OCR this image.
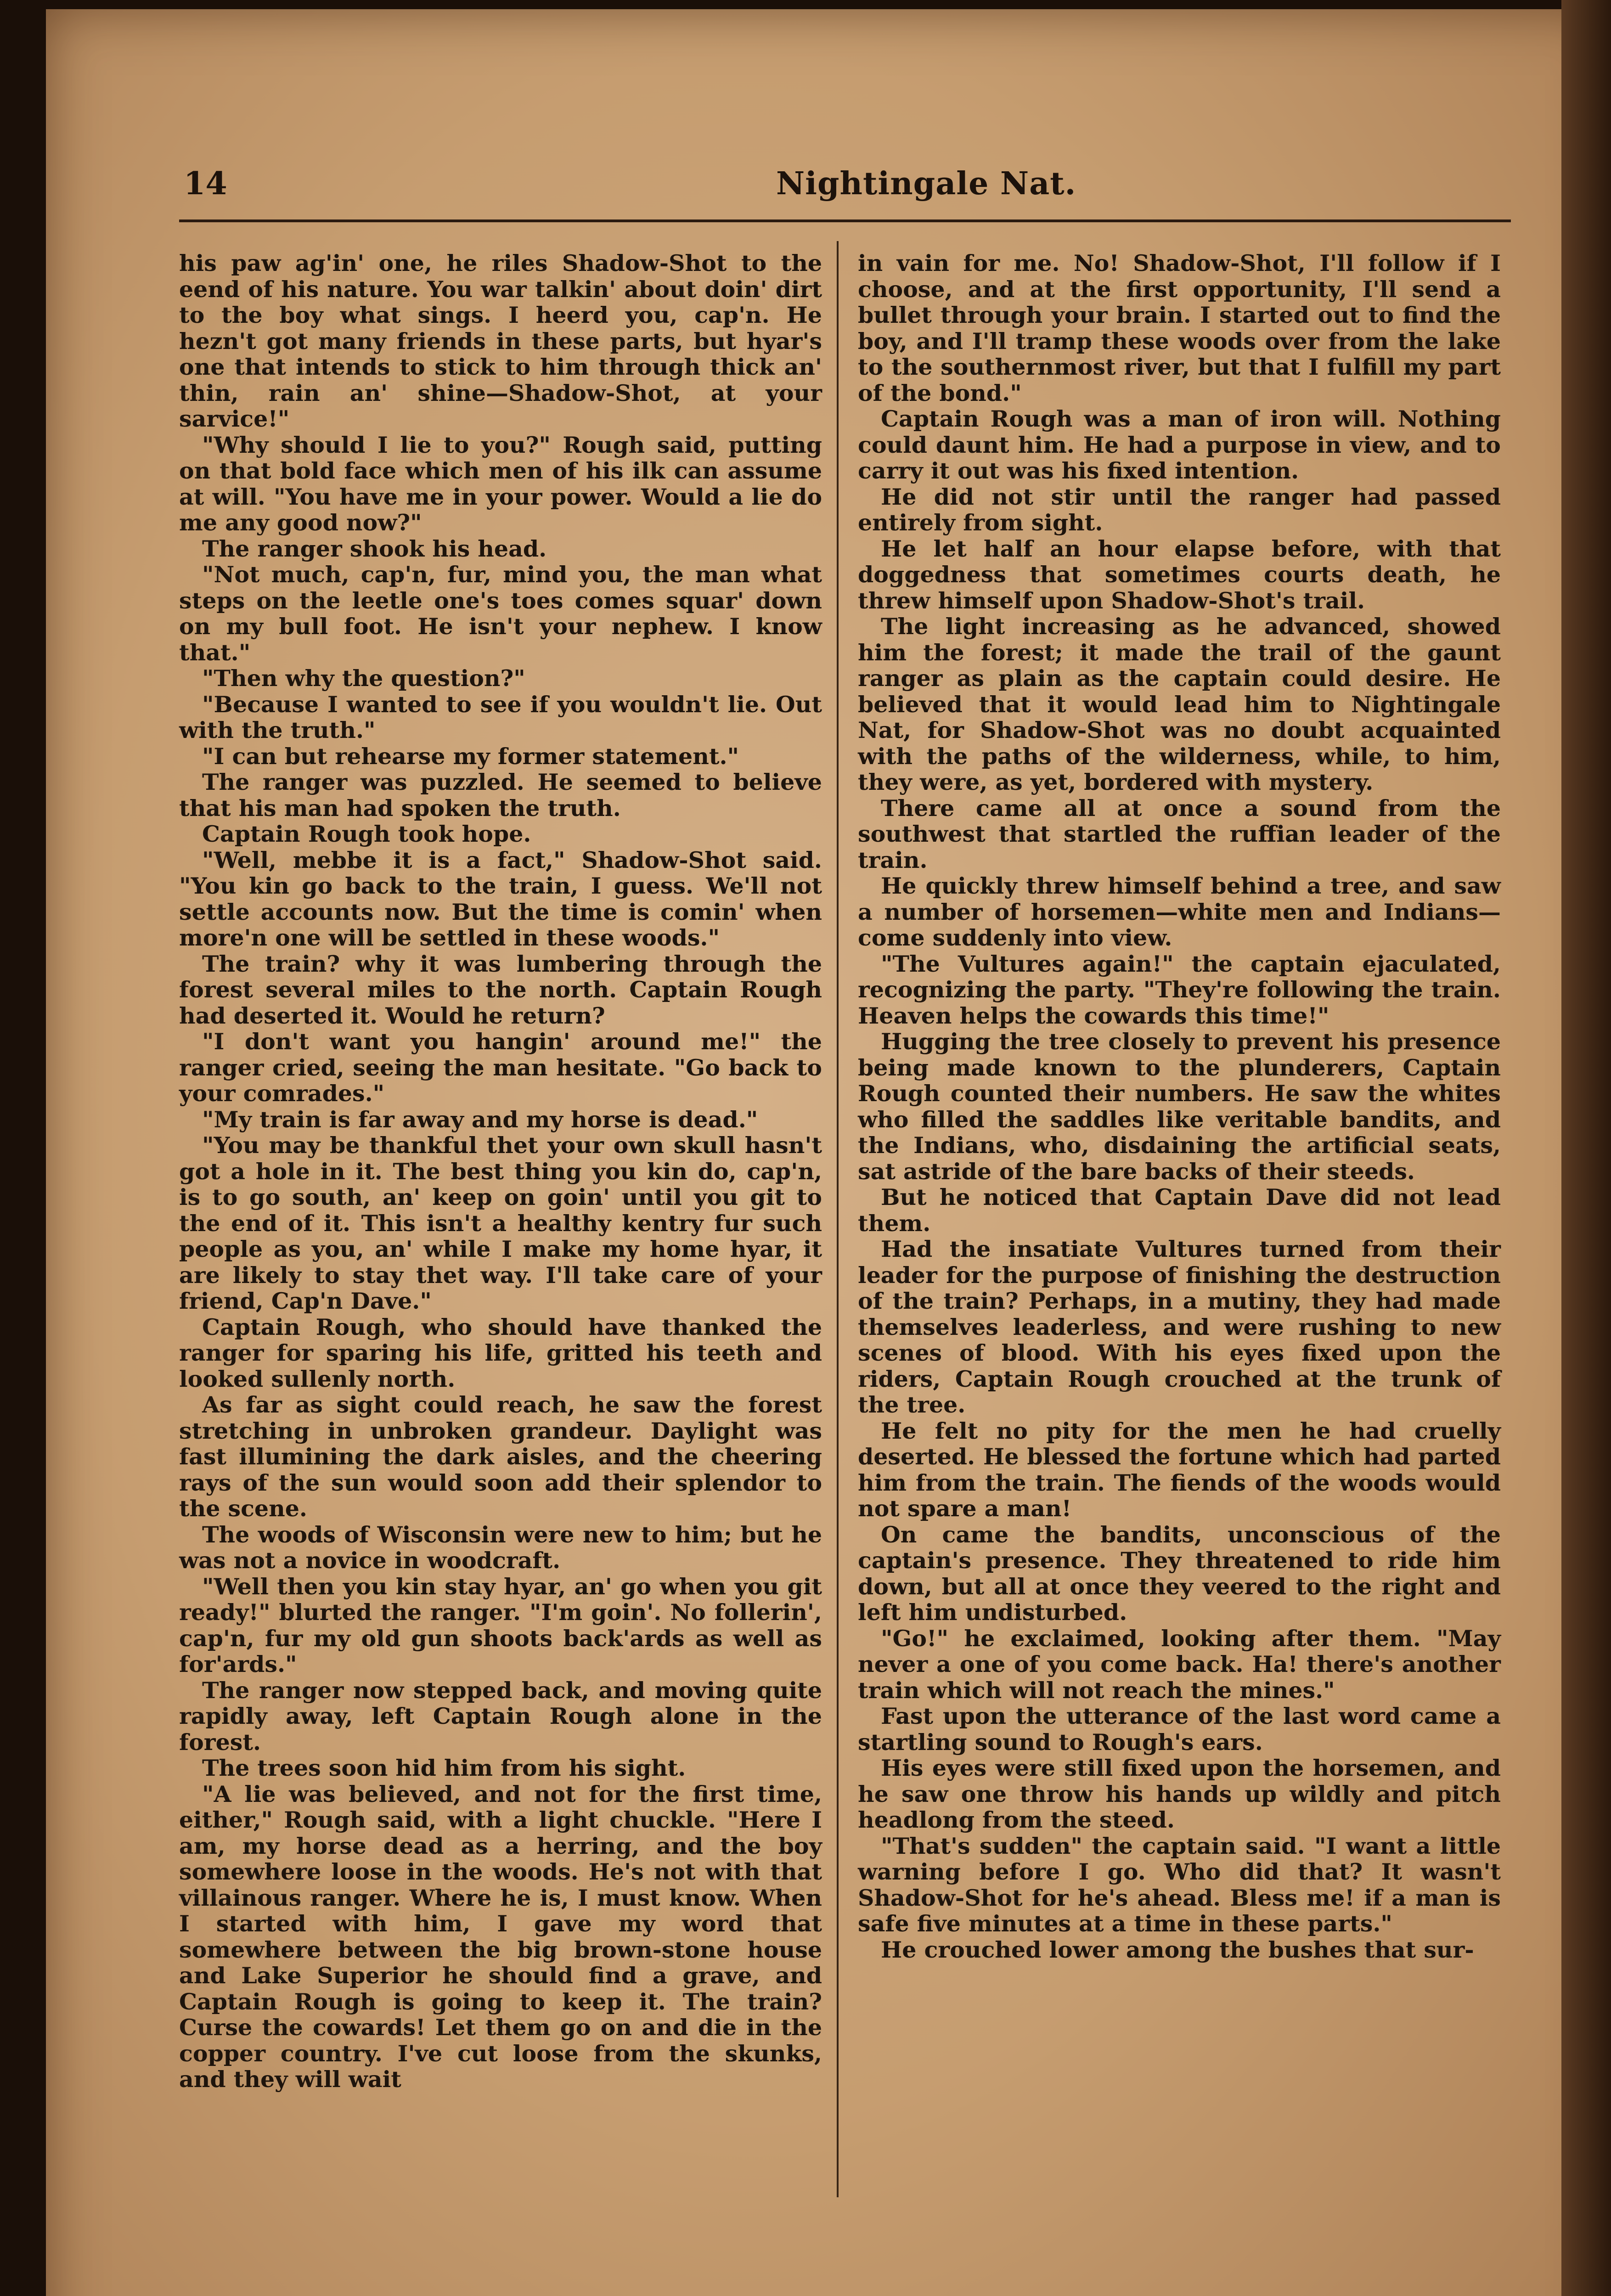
14	Nightingale Nat.

his paw ag'in' one, he riles Shadow-Shot to the eend of his nature. You war talkin' about doin' dirt to the boy what sings. I heerd you, cap'n. He hezn't got many friends in these parts, but hyar's one that intends to stick to him through thick an' thin, rain an' shine—Shadow-Shot, at your sarvice!"

"Why should I lie to you?" Rough said, putting on that bold face which men of his ilk can assume at will. "You have me in your power. Would a lie do me any good now?"

The ranger shook his head.

"Not much, cap'n, fur, mind you, the man what steps on the leetle one's toes comes squar' down on my bull foot. He isn't your nephew. I know that."

"Then why the question?"

"Because I wanted to see if you wouldn't lie. Out with the truth."

"I can but rehearse my former statement."

The ranger was puzzled. He seemed to believe that his man had spoken the truth.

Captain Rough took hope.

"Well, mebbe it is a fact," Shadow-Shot said. "You kin go back to the train, I guess. We'll not settle accounts now. But the time is comin' when more'n one will be settled in these woods."

The train? why it was lumbering through the forest several miles to the north. Captain Rough had deserted it. Would he return?

"I don't want you hangin' around me!" the ranger cried, seeing the man hesitate. "Go back to your comrades."

"My train is far away and my horse is dead."

"You may be thankful thet your own skull hasn't got a hole in it. The best thing you kin do, cap'n, is to go south, an' keep on goin' until you git to the end of it. This isn't a healthy kentry fur such people as you, an' while I make my home hyar, it are likely to stay thet way. I'll take care of your friend, Cap'n Dave."

Captain Rough, who should have thanked the ranger for sparing his life, gritted his teeth and looked sullenly north.

As far as sight could reach, he saw the forest stretching in unbroken grandeur. Daylight was fast illumining the dark aisles, and the cheering rays of the sun would soon add their splendor to the scene.

The woods of Wisconsin were new to him; but he was not a novice in woodcraft.

"Well then you kin stay hyar, an' go when you git ready!" blurted the ranger. "I'm goin'. No follerin', cap'n, fur my old gun shoots back'ards as well as for'ards."

The ranger now stepped back, and moving quite rapidly away, left Captain Rough alone in the forest.

The trees soon hid him from his sight.

"A lie was believed, and not for the first time, either," Rough said, with a light chuckle. "Here I am, my horse dead as a herring, and the boy somewhere loose in the woods. He's not with that villainous ranger. Where he is, I must know. When I started with him, I gave my word that somewhere between the big brown-stone house and Lake Superior he should find a grave, and Captain Rough is going to keep it. The train? Curse the cowards! Let them go on and die in the copper country. I've cut loose from the skunks, and they will wait

in vain for me. No! Shadow-Shot, I'll follow if I choose, and at the first opportunity, I'll send a bullet through your brain. I started out to find the boy, and I'll tramp these woods over from the lake to the southernmost river, but that I fulfill my part of the bond."

Captain Rough was a man of iron will. Nothing could daunt him. He had a purpose in view, and to carry it out was his fixed intention.

He did not stir until the ranger had passed entirely from sight.

He let half an hour elapse before, with that doggedness that sometimes courts death, he threw himself upon Shadow-Shot's trail.

The light increasing as he advanced, showed him the forest; it made the trail of the gaunt ranger as plain as the captain could desire. He believed that it would lead him to Nightingale Nat, for Shadow-Shot was no doubt acquainted with the paths of the wilderness, while, to him, they were, as yet, bordered with mystery.

There came all at once a sound from the southwest that startled the ruffian leader of the train.

He quickly threw himself behind a tree, and saw a number of horsemen—white men and Indians—come suddenly into view.

"The Vultures again!" the captain ejaculated, recognizing the party. "They're following the train. Heaven helps the cowards this time!"

Hugging the tree closely to prevent his presence being made known to the plunderers, Captain Rough counted their numbers. He saw the whites who filled the saddles like veritable bandits, and the Indians, who, disdaining the artificial seats, sat astride of the bare backs of their steeds.

But he noticed that Captain Dave did not lead them.

Had the insatiate Vultures turned from their leader for the purpose of finishing the destruction of the train? Perhaps, in a mutiny, they had made themselves leaderless, and were rushing to new scenes of blood. With his eyes fixed upon the riders, Captain Rough crouched at the trunk of the tree.

He felt no pity for the men he had cruelly deserted. He blessed the fortune which had parted him from the train. The fiends of the woods would not spare a man!

On came the bandits, unconscious of the captain's presence. They threatened to ride him down, but all at once they veered to the right and left him undisturbed.

"Go!" he exclaimed, looking after them. "May never a one of you come back. Ha! there's another train which will not reach the mines."

Fast upon the utterance of the last word came a startling sound to Rough's ears.

His eyes were still fixed upon the horsemen, and he saw one throw his hands up wildly and pitch headlong from the steed.

"That's sudden" the captain said. "I want a little warning before I go. Who did that? It wasn't Shadow-Shot for he's ahead. Bless me! if a man is safe five minutes at a time in these parts."

He crouched lower among the bushes that sur-
